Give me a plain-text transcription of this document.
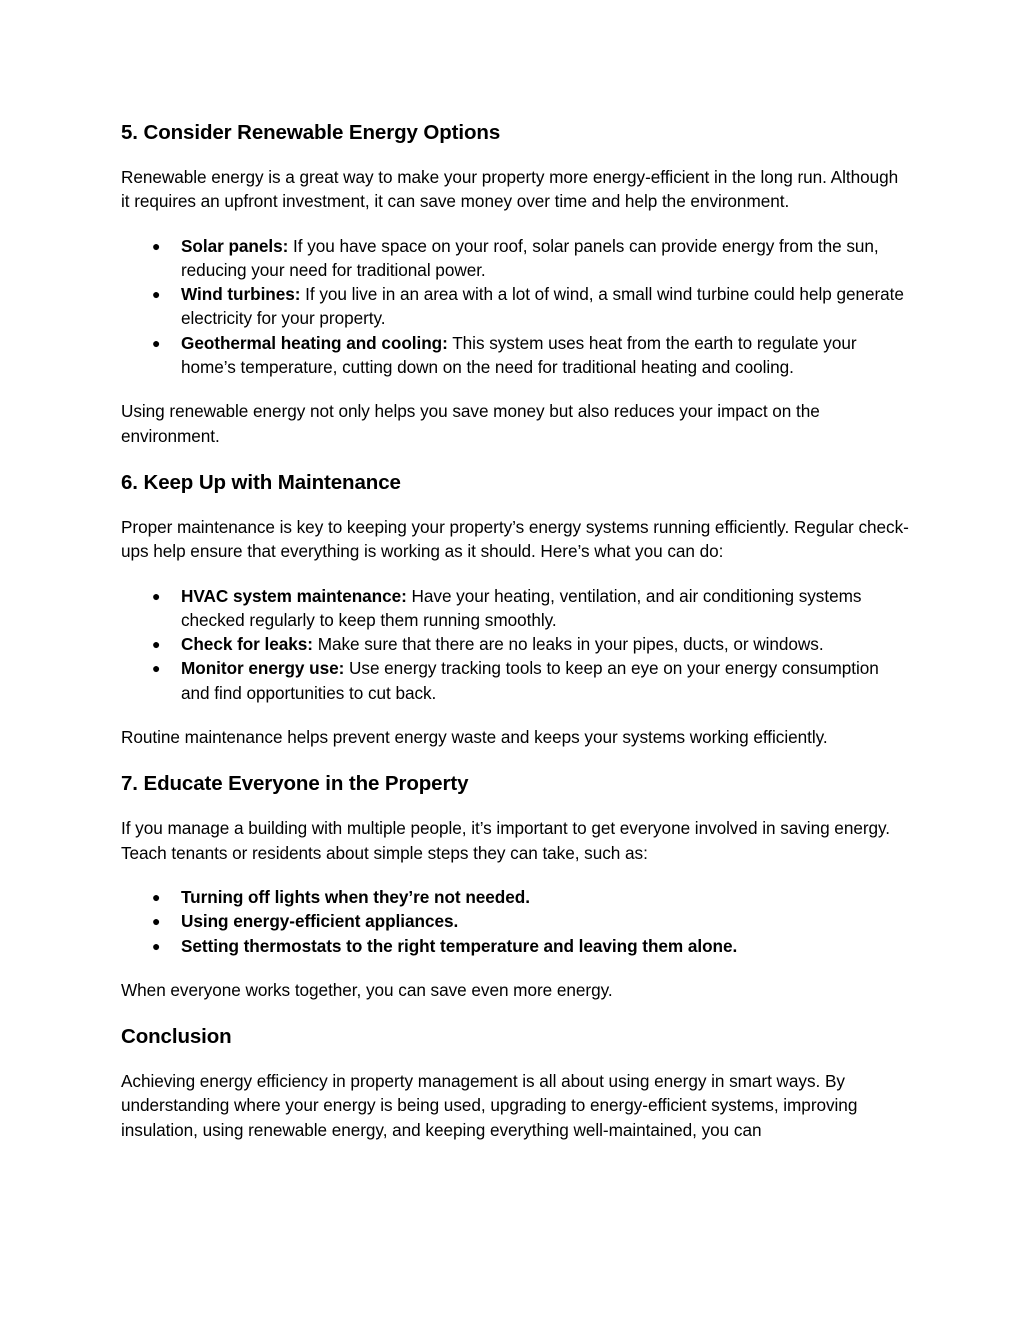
5. Consider Renewable Energy Options

Renewable energy is a great way to make your property more energy-efficient in the long run. Although it requires an upfront investment, it can save money over time and help the environment.

● Solar panels: If you have space on your roof, solar panels can provide energy from the sun, reducing your need for traditional power.
● Wind turbines: If you live in an area with a lot of wind, a small wind turbine could help generate electricity for your property.
● Geothermal heating and cooling: This system uses heat from the earth to regulate your home’s temperature, cutting down on the need for traditional heating and cooling.

Using renewable energy not only helps you save money but also reduces your impact on the environment.

6. Keep Up with Maintenance

Proper maintenance is key to keeping your property’s energy systems running efficiently. Regular check-ups help ensure that everything is working as it should. Here’s what you can do:

● HVAC system maintenance: Have your heating, ventilation, and air conditioning systems checked regularly to keep them running smoothly.
● Check for leaks: Make sure that there are no leaks in your pipes, ducts, or windows.
● Monitor energy use: Use energy tracking tools to keep an eye on your energy consumption and find opportunities to cut back.

Routine maintenance helps prevent energy waste and keeps your systems working efficiently.

7. Educate Everyone in the Property

If you manage a building with multiple people, it’s important to get everyone involved in saving energy. Teach tenants or residents about simple steps they can take, such as:

● Turning off lights when they’re not needed.
● Using energy-efficient appliances.
● Setting thermostats to the right temperature and leaving them alone.

When everyone works together, you can save even more energy.

Conclusion

Achieving energy efficiency in property management is all about using energy in smart ways. By understanding where your energy is being used, upgrading to energy-efficient systems, improving insulation, using renewable energy, and keeping everything well-maintained, you can
